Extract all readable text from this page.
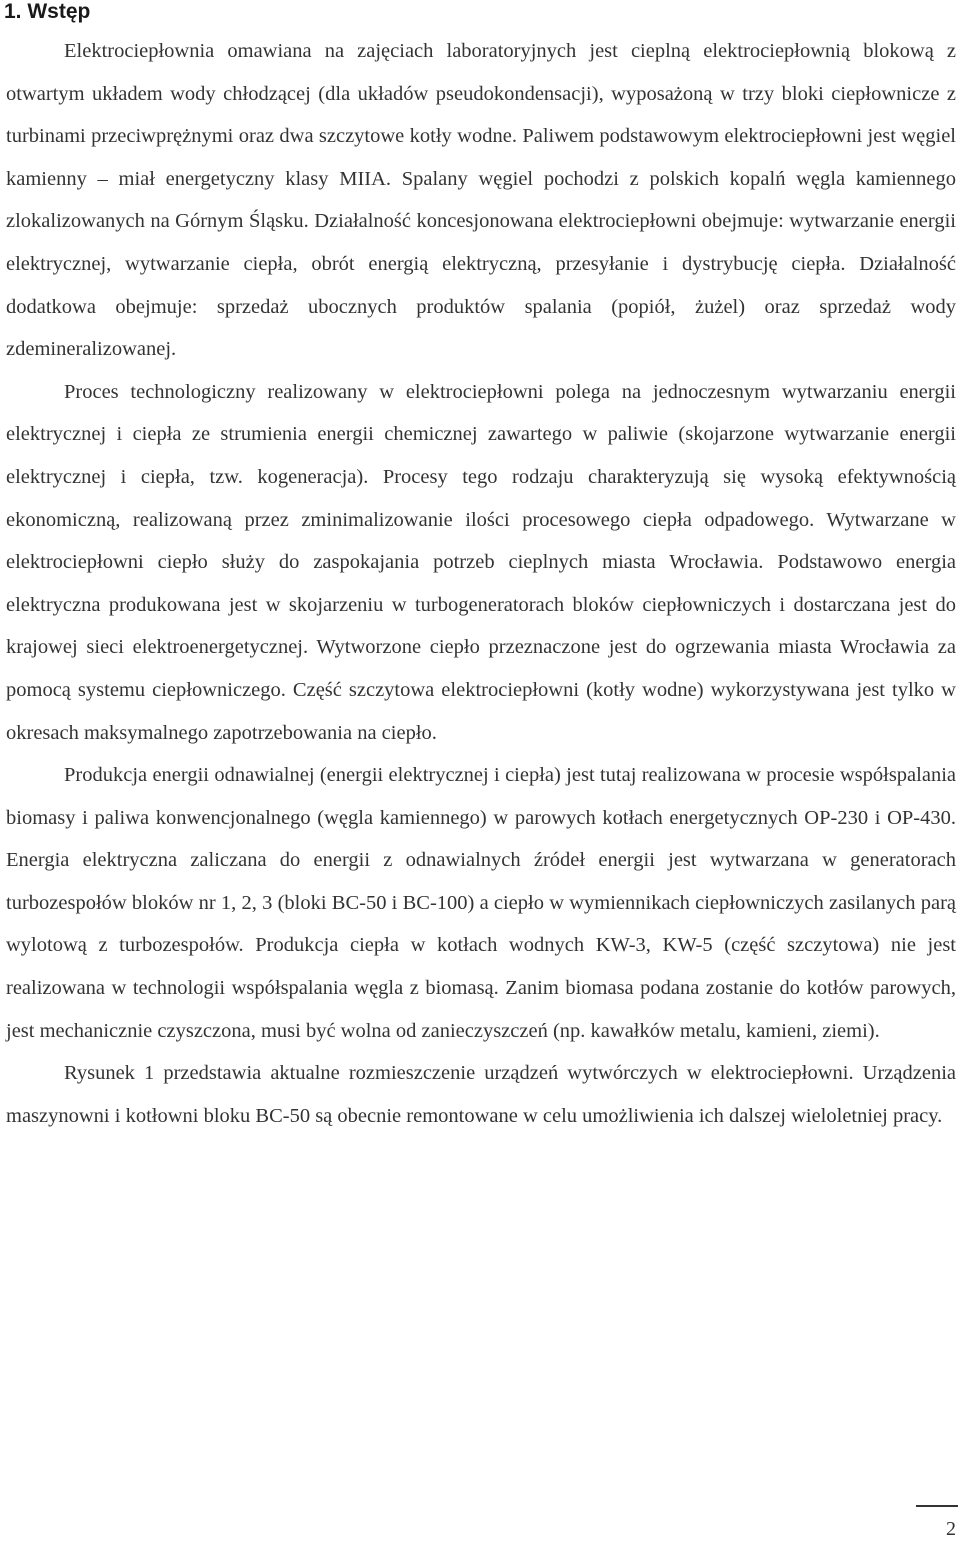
1. Wstęp

Elektrociepłownia omawiana na zajęciach laboratoryjnych jest cieplną elektrociepłownią blokową z otwartym układem wody chłodzącej (dla układów pseudokondensacji), wyposażoną w trzy bloki ciepłownicze z turbinami przeciwprężnymi oraz dwa szczytowe kotły wodne. Paliwem podstawowym elektrociepłowni jest węgiel kamienny – miał energetyczny klasy MIIA. Spalany węgiel pochodzi z polskich kopalń węgla kamiennego zlokalizowanych na Górnym Śląsku. Działalność koncesjonowana elektrociepłowni obejmuje: wytwarzanie energii elektrycznej, wytwarzanie ciepła, obrót energią elektryczną, przesyłanie i dystrybucję ciepła. Działalność dodatkowa obejmuje: sprzedaż ubocznych produktów spalania (popiół, żużel) oraz sprzedaż wody zdemineralizowanej.

Proces technologiczny realizowany w elektrociepłowni polega na jednoczesnym wytwarzaniu energii elektrycznej i ciepła ze strumienia energii chemicznej zawartego w paliwie (skojarzone wytwarzanie energii elektrycznej i ciepła, tzw. kogeneracja). Procesy tego rodzaju charakteryzują się wysoką efektywnością ekonomiczną, realizowaną przez zminimalizowanie ilości procesowego ciepła odpadowego. Wytwarzane w elektrociepłowni ciepło służy do zaspokajania potrzeb cieplnych miasta Wrocławia. Podstawowo energia elektryczna produkowana jest w skojarzeniu w turbogeneratorach bloków ciepłowniczych i dostarczana jest do krajowej sieci elektroenergetycznej. Wytworzone ciepło przeznaczone jest do ogrzewania miasta Wrocławia za pomocą systemu ciepłowniczego. Część szczytowa elektrociepłowni (kotły wodne) wykorzystywana jest tylko w okresach maksymalnego zapotrzebowania na ciepło.

Produkcja energii odnawialnej (energii elektrycznej i ciepła) jest tutaj realizowana w procesie współspalania biomasy i paliwa konwencjonalnego (węgla kamiennego) w parowych kotłach energetycznych OP-230 i OP-430. Energia elektryczna zaliczana do energii z odnawialnych źródeł energii jest wytwarzana w generatorach turbozespołów bloków nr 1, 2, 3 (bloki BC-50 i BC-100) a ciepło w wymiennikach ciepłowniczych zasilanych parą wylotową z turbozespołów. Produkcja ciepła w kotłach wodnych KW-3, KW-5 (część szczytowa) nie jest realizowana w technologii współspalania węgla z biomasą. Zanim biomasa podana zostanie do kotłów parowych, jest mechanicznie czyszczona, musi być wolna od zanieczyszczeń (np. kawałków metalu, kamieni, ziemi).

Rysunek 1 przedstawia aktualne rozmieszczenie urządzeń wytwórczych w elektrociepłowni. Urządzenia maszynowni i kotłowni bloku BC-50 są obecnie remontowane w celu umożliwienia ich dalszej wieloletniej pracy.

2
